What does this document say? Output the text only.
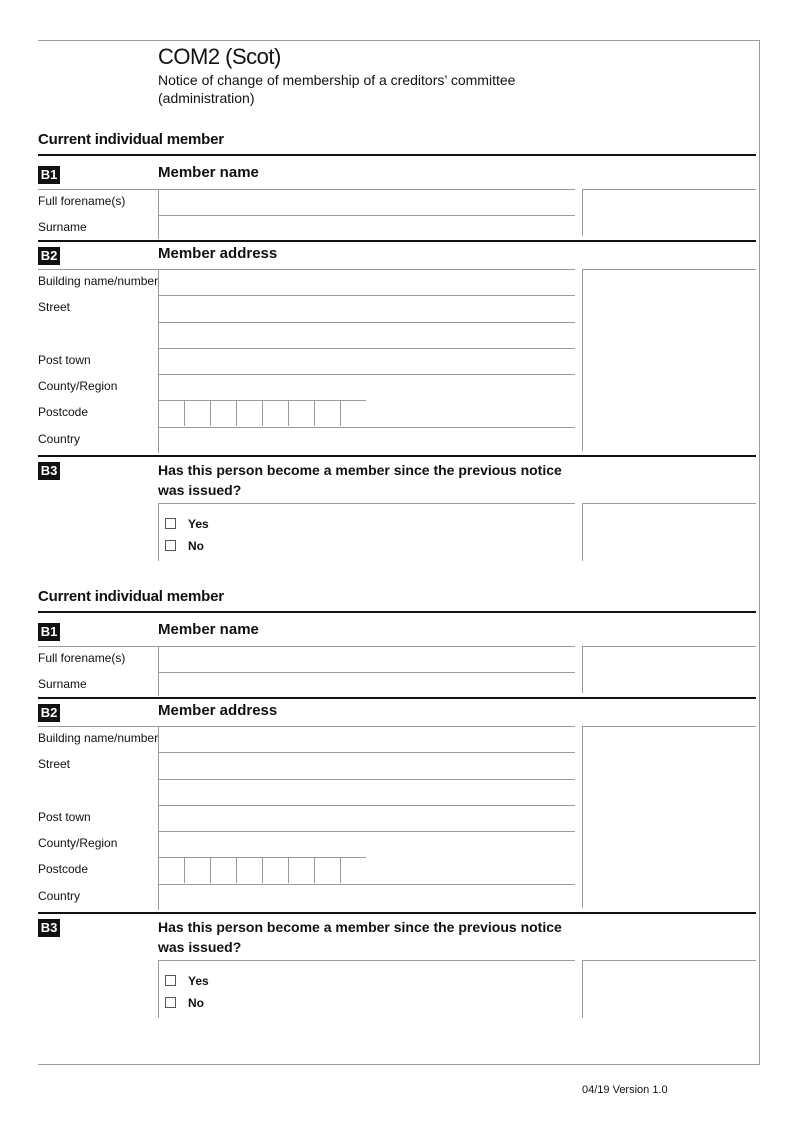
COM2 (Scot)
Notice of change of membership of a creditors’ committee (administration)
Current individual member
B1	Member name
Full forename(s)
Surname
B2	Member address
Building name/number
Street
Post town
County/Region
Postcode
Country
B3	Has this person become a member since the previous notice was issued?
Yes
No
Current individual member
B1	Member name
Full forename(s)
Surname
B2	Member address
Building name/number
Street
Post town
County/Region
Postcode
Country
B3	Has this person become a member since the previous notice was issued?
Yes
No
04/19 Version 1.0
